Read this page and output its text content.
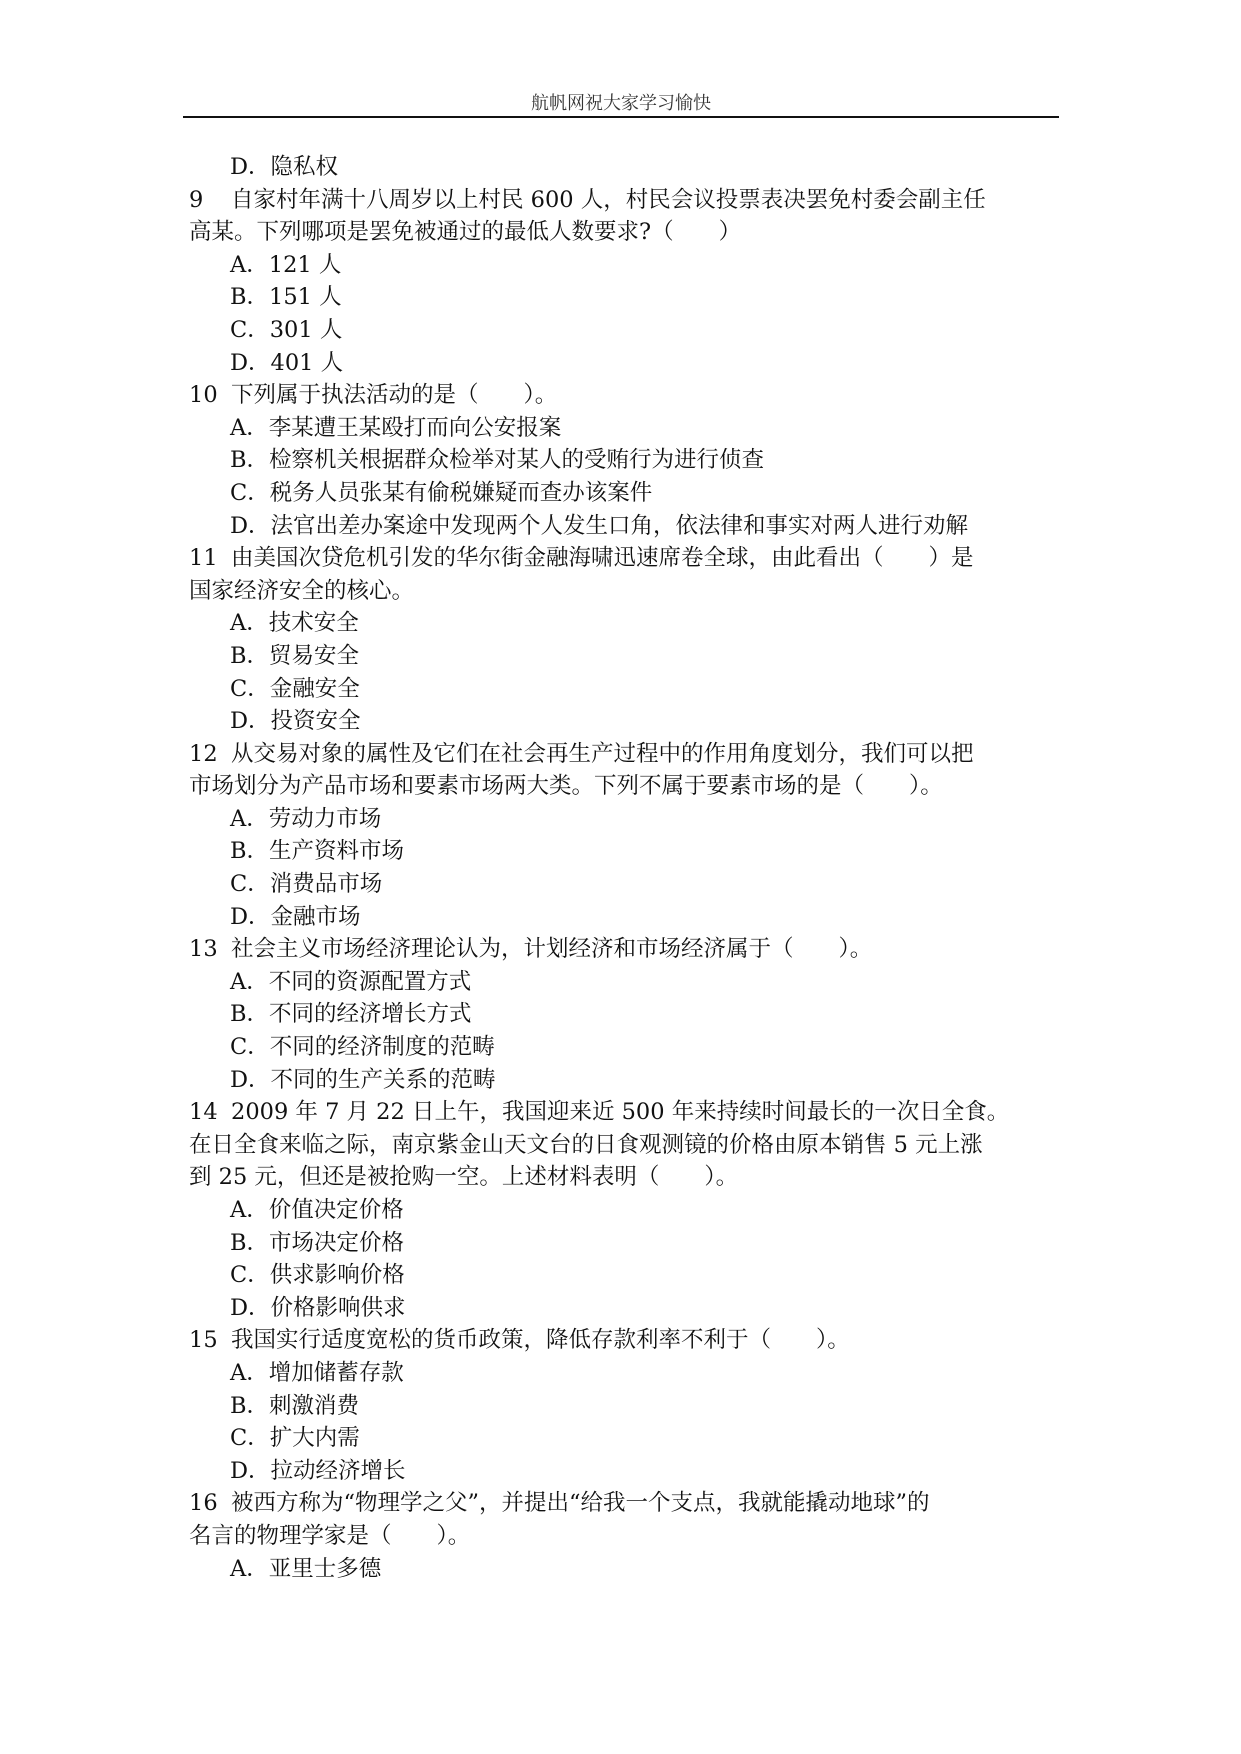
航帆网祝大家学习愉快
D．隐私权
9 自家村年满十八周岁以上村民 600 人，村民会议投票表决罢免村委会副主任
高某。下列哪项是罢免被通过的最低人数要求?（　　）
A．121 人
B．151 人
C．301 人
D．401 人
10 下列属于执法活动的是（　　）。
A．李某遭王某殴打而向公安报案
B．检察机关根据群众检举对某人的受贿行为进行侦查
C．税务人员张某有偷税嫌疑而查办该案件
D．法官出差办案途中发现两个人发生口角，依法律和事实对两人进行劝解
11 由美国次贷危机引发的华尔街金融海啸迅速席卷全球，由此看出（　　）是
国家经济安全的核心。
A．技术安全
B．贸易安全
C．金融安全
D．投资安全
12 从交易对象的属性及它们在社会再生产过程中的作用角度划分，我们可以把
市场划分为产品市场和要素市场两大类。下列不属于要素市场的是（　　）。
A．劳动力市场
B．生产资料市场
C．消费品市场
D．金融市场
13 社会主义市场经济理论认为，计划经济和市场经济属于（　　）。
A．不同的资源配置方式
B．不同的经济增长方式
C．不同的经济制度的范畴
D．不同的生产关系的范畴
14 2009 年 7 月 22 日上午，我国迎来近 500 年来持续时间最长的一次日全食。
在日全食来临之际，南京紫金山天文台的日食观测镜的价格由原本销售 5 元上涨
到 25 元，但还是被抢购一空。上述材料表明（　　）。
A．价值决定价格
B．市场决定价格
C．供求影响价格
D．价格影响供求
15 我国实行适度宽松的货币政策，降低存款利率不利于（　　）。
A．增加储蓄存款
B．刺激消费
C．扩大内需
D．拉动经济增长
16 被西方称为“物理学之父”，并提出“给我一个支点，我就能撬动地球”的
名言的物理学家是（　　）。
A．亚里士多德
